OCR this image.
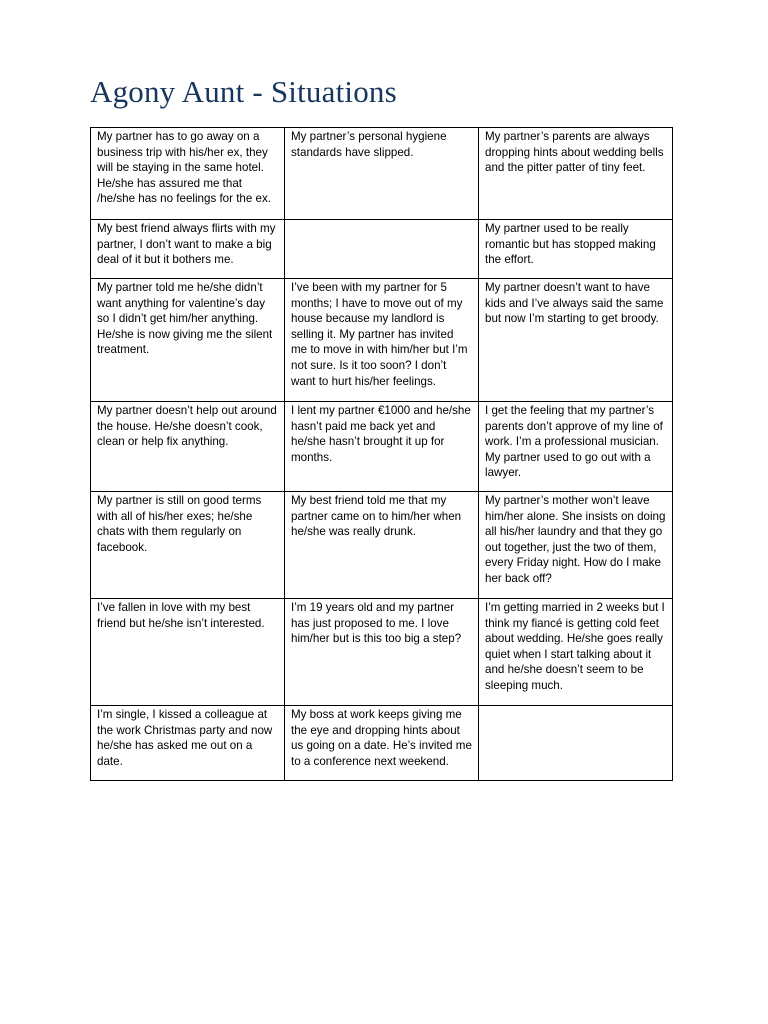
Agony Aunt - Situations
My partner has to go away on a business trip with his/her ex, they will be staying in the same hotel. He/she has assured me that /he/she has no feelings for the ex.	My partner’s personal hygiene standards have slipped.	My partner’s parents are always dropping hints about wedding bells and the pitter patter of tiny feet.
My best friend always flirts with my partner, I don’t want to make a big deal of it but it bothers me.		My partner used to be really romantic but has stopped making the effort.
My partner told me he/she didn’t want anything for valentine’s day so I didn’t get him/her anything. He/she is now giving me the silent treatment.	I’ve been with my partner for 5 months; I have to move out of my house because my landlord is selling it. My partner has invited me to move in with him/her but I’m not sure. Is it too soon? I don’t want to hurt his/her feelings.	My partner doesn’t want to have kids and I’ve always said the same but now I’m starting to get broody.
My partner doesn’t help out around the house. He/she doesn’t cook, clean or help fix anything.	I lent my partner €1000 and he/she hasn’t paid me back yet and he/she hasn’t brought it up for months.	I get the feeling that my partner’s parents don’t approve of my line of work. I’m a professional musician. My partner used to go out with a lawyer.
My partner is still on good terms with all of his/her exes; he/she chats with them regularly on facebook.	My best friend told me that my partner came on to him/her when he/she was really drunk.	My partner’s mother won’t leave him/her alone. She insists on doing all his/her laundry and that they go out together, just the two of them, every Friday night. How do I make her back off?
I’ve fallen in love with my best friend but he/she isn’t interested.	I’m 19 years old and my partner has just proposed to me. I love him/her but is this too big a step?	I’m getting married in 2 weeks but I think my fiancé is getting cold feet about wedding. He/she goes really quiet when I start talking about it and he/she doesn’t seem to be sleeping much.
I’m single, I kissed a colleague at the work Christmas party and now he/she has asked me out on a date.	My boss at work keeps giving me the eye and dropping hints about us going on a date. He’s invited me to a conference next weekend.	
